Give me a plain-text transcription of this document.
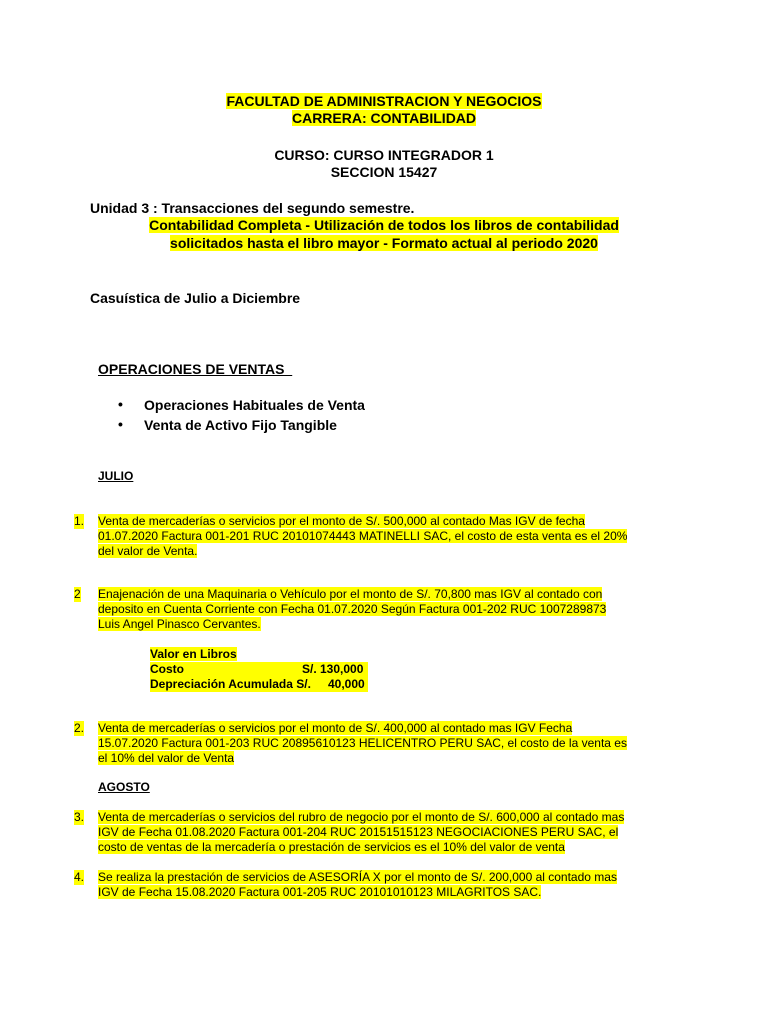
FACULTAD DE ADMINISTRACION Y NEGOCIOS
CARRERA: CONTABILIDAD
CURSO: CURSO INTEGRADOR 1
SECCION 15427
Unidad 3 : Transacciones del segundo semestre.
Contabilidad Completa - Utilización de todos los libros de contabilidad
solicitados hasta el libro mayor - Formato actual al periodo 2020
Casuística de Julio a Diciembre
OPERACIONES DE VENTAS
• Operaciones Habituales de Venta
• Venta de Activo Fijo Tangible
JULIO
1.	Venta de mercaderías o servicios por el monto de S/. 500,000 al contado Mas IGV de fecha
01.07.2020 Factura 001-201 RUC 20101074443 MATINELLI SAC, el costo de esta venta es el 20%
del valor de Venta.
2	Enajenación de una Maquinaria o Vehículo por el monto de S/. 70,800 mas IGV al contado con
deposito en Cuenta Corriente con Fecha 01.07.2020 Según Factura 001-202 RUC 1007289873
Luis Angel Pinasco Cervantes.
Valor en Libros
Costo	S/. 130,000
Depreciación Acumulada S/. 40,000
2.	Venta de mercaderías o servicios por el monto de S/. 400,000 al contado mas IGV Fecha
15.07.2020 Factura 001-203 RUC 20895610123 HELICENTRO PERU SAC, el costo de la venta es
el 10% del valor de Venta
AGOSTO
3.	Venta de mercaderías o servicios del rubro de negocio por el monto de S/. 600,000 al contado mas
IGV de Fecha 01.08.2020 Factura 001-204 RUC 20151515123 NEGOCIACIONES PERU SAC, el
costo de ventas de la mercadería o prestación de servicios es el 10% del valor de venta
4.	Se realiza la prestación de servicios de ASESORÍA X por el monto de S/. 200,000 al contado mas
IGV de Fecha 15.08.2020 Factura 001-205 RUC 20101010123 MILAGRITOS SAC.
